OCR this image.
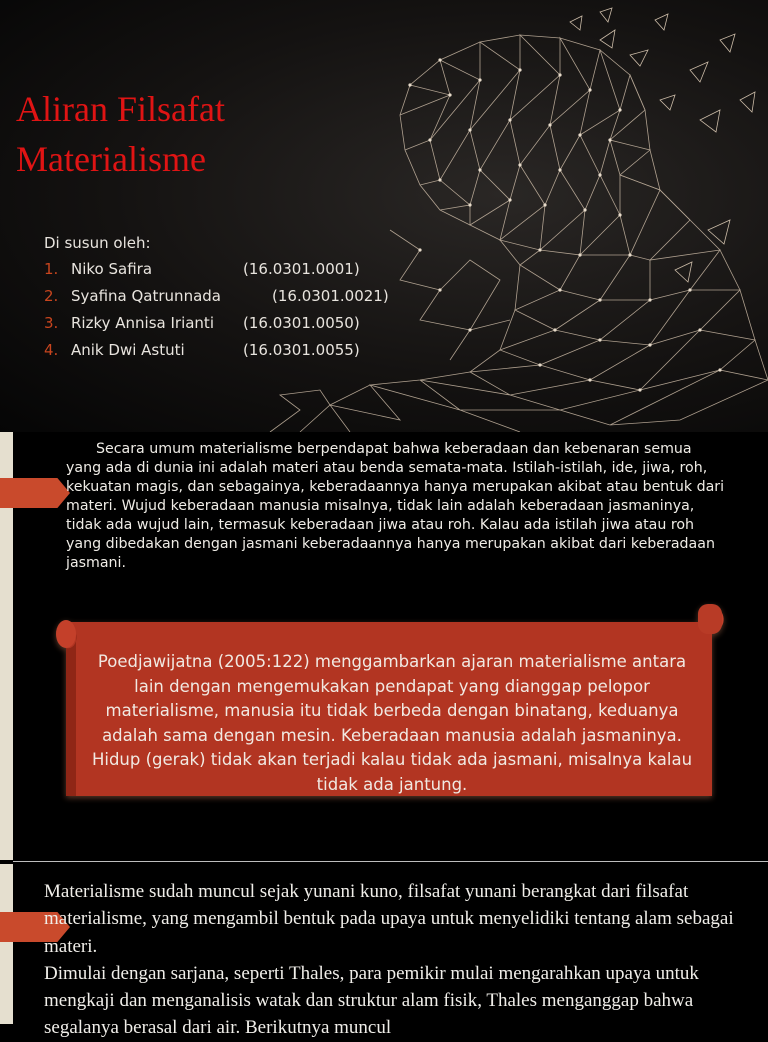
Aliran Filsafat
Materialisme
Di susun oleh:
1. Niko Safira	(16.0301.0001)
2. Syafina Qatrunnada	(16.0301.0021)
3. Rizky Annisa Irianti (16.0301.0050)
4. Anik Dwi Astuti	(16.0301.0055)

Secara umum materialisme berpendapat bahwa keberadaan dan kebenaran semua yang ada di dunia ini adalah materi atau benda semata-mata. Istilah-istilah, ide, jiwa, roh, kekuatan magis, dan sebagainya, keberadaannya hanya merupakan akibat atau bentuk dari materi. Wujud keberadaan manusia misalnya, tidak lain adalah keberadaan jasmaninya, tidak ada wujud lain, termasuk keberadaan jiwa atau roh. Kalau ada istilah jiwa atau roh yang dibedakan dengan jasmani keberadaannya hanya merupakan akibat dari keberadaan jasmani.

Poedjawijatna (2005:122) menggambarkan ajaran materialisme antara lain dengan mengemukakan pendapat yang dianggap pelopor materialisme, manusia itu tidak berbeda dengan binatang, keduanya adalah sama dengan mesin. Keberadaan manusia adalah jasmaninya. Hidup (gerak) tidak akan terjadi kalau tidak ada jasmani, misalnya kalau tidak ada jantung.

Materialisme sudah muncul sejak yunani kuno, filsafat yunani berangkat dari filsafat materialisme, yang mengambil bentuk pada upaya untuk menyelidiki tentang alam sebagai materi.
Dimulai dengan sarjana, seperti Thales, para pemikir mulai mengarahkan upaya untuk mengkaji dan menganalisis watak dan struktur alam fisik, Thales menganggap bahwa segalanya berasal dari air. Berikutnya muncul
